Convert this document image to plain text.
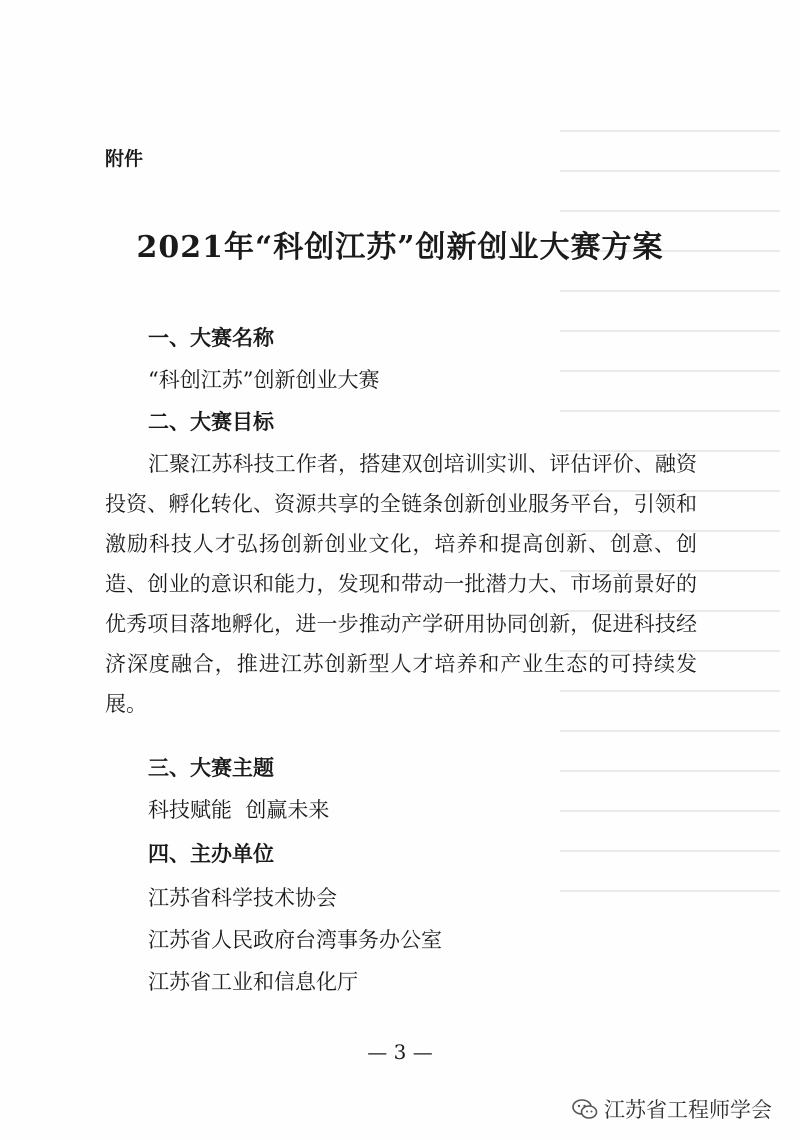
附件
2021年“科创江苏”创新创业大赛方案
一、大赛名称
“科创江苏”创新创业大赛
二、大赛目标
汇聚江苏科技工作者，搭建双创培训实训、评估评价、融资投资、孵化转化、资源共享的全链条创新创业服务平台，引领和激励科技人才弘扬创新创业文化，培养和提高创新、创意、创造、创业的意识和能力，发现和带动一批潜力大、市场前景好的优秀项目落地孵化，进一步推动产学研用协同创新，促进科技经济深度融合，推进江苏创新型人才培养和产业生态的可持续发展。
三、大赛主题
科技赋能  创赢未来
四、主办单位
江苏省科学技术协会
江苏省人民政府台湾事务办公室
江苏省工业和信息化厅
— 3 —
江苏省工程师学会
